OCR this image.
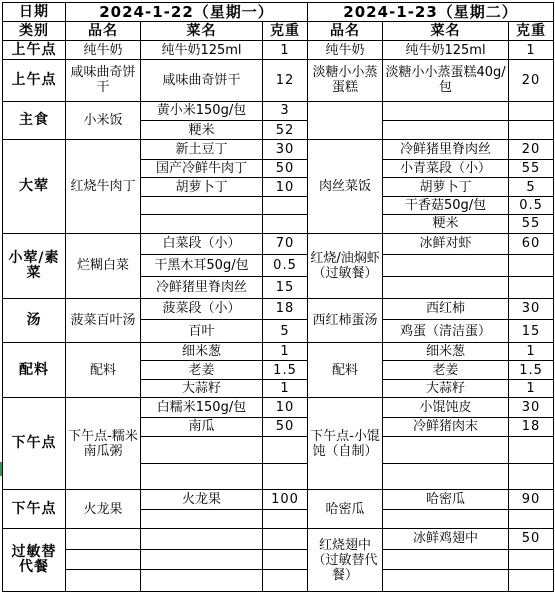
日期	2024-1-22（星期一）			2024-1-23（星期二）		
类别	品名	菜名	克重	品名	菜名	克重
上午点	纯牛奶	纯牛奶125ml	1	纯牛奶	纯牛奶125ml	1
上午点	咸味曲奇饼干	咸味曲奇饼干	12	淡糖小小蒸蛋糕	淡糖小小蒸蛋糕40g/包	20
主食	小米饭	黄小米150g/包	3			
		粳米	52			
大荤	红烧牛肉丁	新土豆丁	30	肉丝菜饭	冷鲜猪里脊肉丝	20
		国产冷鲜牛肉丁	50		小青菜段（小）	55
		胡萝卜丁	10		胡萝卜丁	5
					干香菇50g/包	0.5
					粳米	55
小荤/素菜	烂糊白菜	白菜段（小）	70	红烧/油焖虾（过敏餐）	冰鲜对虾	60
		干黑木耳50g/包	0.5			
		冷鲜猪里脊肉丝	15			
汤	菠菜百叶汤	菠菜段（小）	18	西红柿蛋汤	西红柿	30
		百叶	5		鸡蛋（清洁蛋）	15
配料	配料	细米葱	1	配料	细米葱	1
		老姜	1.5		老姜	1.5
		大蒜籽	1		大蒜籽	1
下午点	下午点-糯米南瓜粥	白糯米150g/包	10	下午点-小馄饨（自制）	小馄饨皮	30
		南瓜	50		冷鲜猪肉末	18

下午点	火龙果	火龙果	100	哈密瓜	哈密瓜	90

过敏替代餐				红烧翅中（过敏替代餐）	冰鲜鸡翅中	50
